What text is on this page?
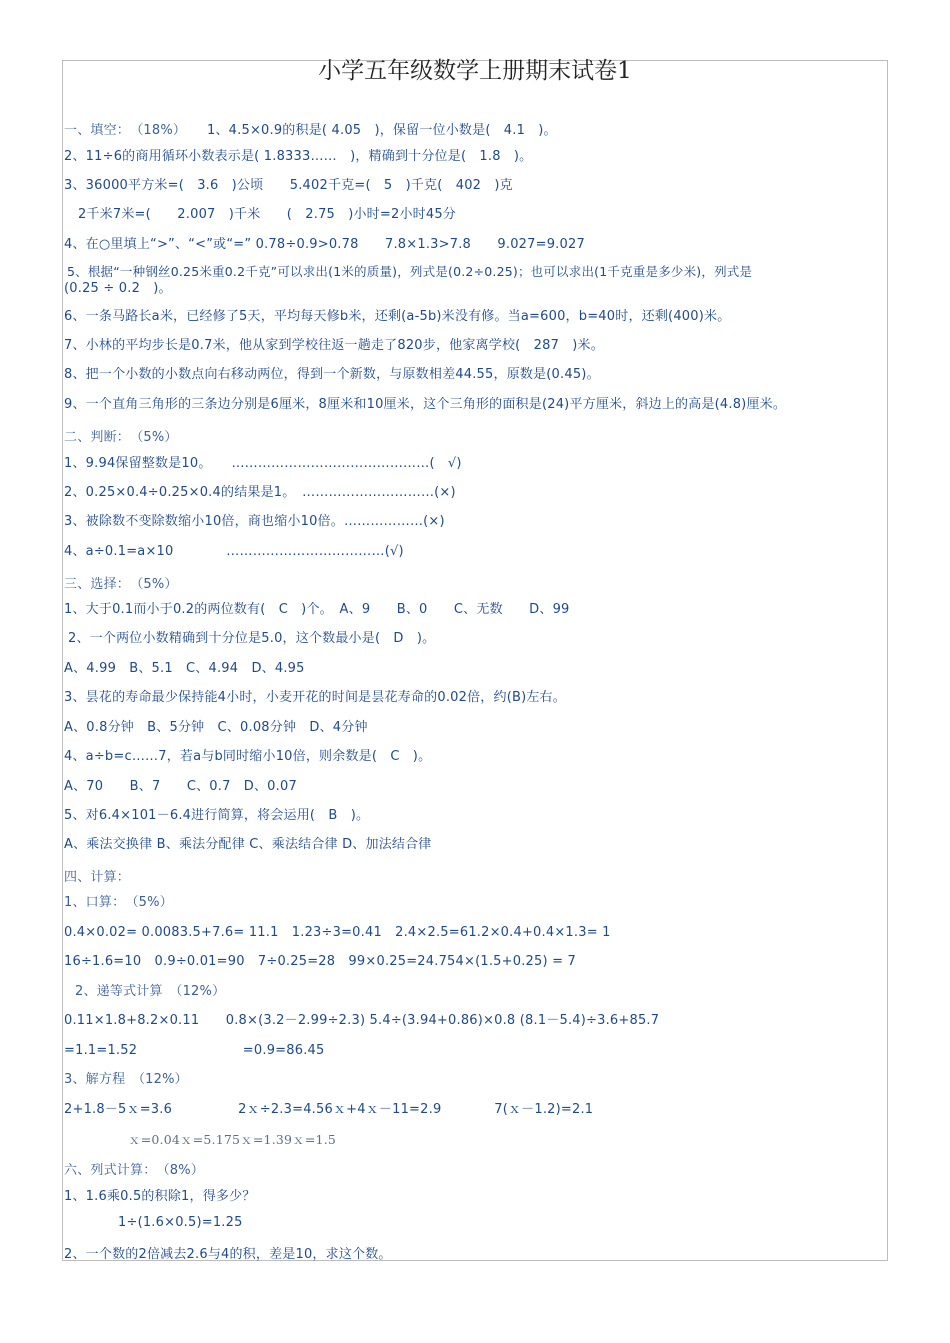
小学五年级数学上册期末试卷1
一、填空：　（18%） 1、4.5×0.9的积是( 4.05　)，保留一位小数是(　4.1　)。
2、11÷6的商用循环小数表示是( 1.8333……　)，精确到十分位是(　1.8　)。
3、36000平方米=(　3.6　)公顷　　5.402千克=(　5　)千克(　402　)克
2千米7米=(　　2.007　)千米　　(　2.75　)小时=2小时45分
4、在○里填上“>”、“<”或“=” 0.78÷0.9>0.78　　7.8×1.3>7.8　　9.027=9.027
5、根据“一种钢丝0.25米重0.2千克”可以求出(1米的质量)，列式是(0.2÷0.25)；也可以求出(1千克重是多少米)，列式是
(0.25 ÷ 0.2　)。
6、一条马路长a米，已经修了5天，平均每天修b米，还剩(a-5b)米没有修。当a=600，b=40时，还剩(400)米。
7、小林的平均步长是0.7米，他从家到学校往返一趟走了820步，他家离学校(　287　)米。
8、把一个小数的小数点向右移动两位，得到一个新数，与原数相差44.55，原数是(0.45)。
9、一个直角三角形的三条边分别是6厘米，8厘米和10厘米，这个三角形的面积是(24)平方厘米，斜边上的高是(4.8)厘米。
二、判断：　（5%）
1、9.94保留整数是10。　　………………………………………(　√)
2、0.25×0.4÷0.25×0.4的结果是1。　…………………………(×)
3、被除数不变除数缩小10倍，商也缩小10倍。………………(×)
4、a÷0.1=a×10　　　　………………………………(√)
三、选择：　（5%）
1、大于0.1而小于0.2的两位数有(　C　)个。　A、9　　B、0　　C、无数　　D、99
2、一个两位小数精确到十分位是5.0，这个数最小是(　D　)。
A、4.99　B、5.1　C、4.94　D、4.95
3、昙花的寿命最少保持能4小时，小麦开花的时间是昙花寿命的0.02倍，约(B)左右。
A、0.8分钟　B、5分钟　C、0.08分钟　D、4分钟
4、a÷b=c……7，若a与b同时缩小10倍，则余数是(　C　)。
A、70　　B、7　　C、0.7　D、0.07
5、对6.4×101－6.4进行简算，将会运用(　B　)。
A、乘法交换律 B、乘法分配律 C、乘法结合律 D、加法结合律
四、计算：
1、口算：　（5%）
0.4×0.02= 0.0083.5+7.6= 11.1　1.23÷3=0.41　2.4×2.5=61.2×0.4+0.4×1.3= 1
16÷1.6=10　0.9÷0.01=90　7÷0.25=28　99×0.25=24.754×(1.5+0.25) = 7
2、递等式计算　（12%）
0.11×1.8+8.2×0.11　　0.8×(3.2－2.99÷2.3) 5.4÷(3.94+0.86)×0.8 (8.1－5.4)÷3.6+85.7
=1.1=1.52　　　　　　　　=0.9=86.45
3、解方程　（12%）
2+1.8－5ｘ=3.6　　　　　2ｘ÷2.3=4.56ｘ+4ｘ－11=2.9　　　　7(ｘ－1.2)=2.1
ｘ=0.04ｘ=5.175ｘ=1.39ｘ=1.5
六、列式计算：　（8%）
1、1.6乘0.5的积除1，得多少？
1÷(1.6×0.5)=1.25
2、一个数的2倍减去2.6与4的积，差是10，求这个数。
